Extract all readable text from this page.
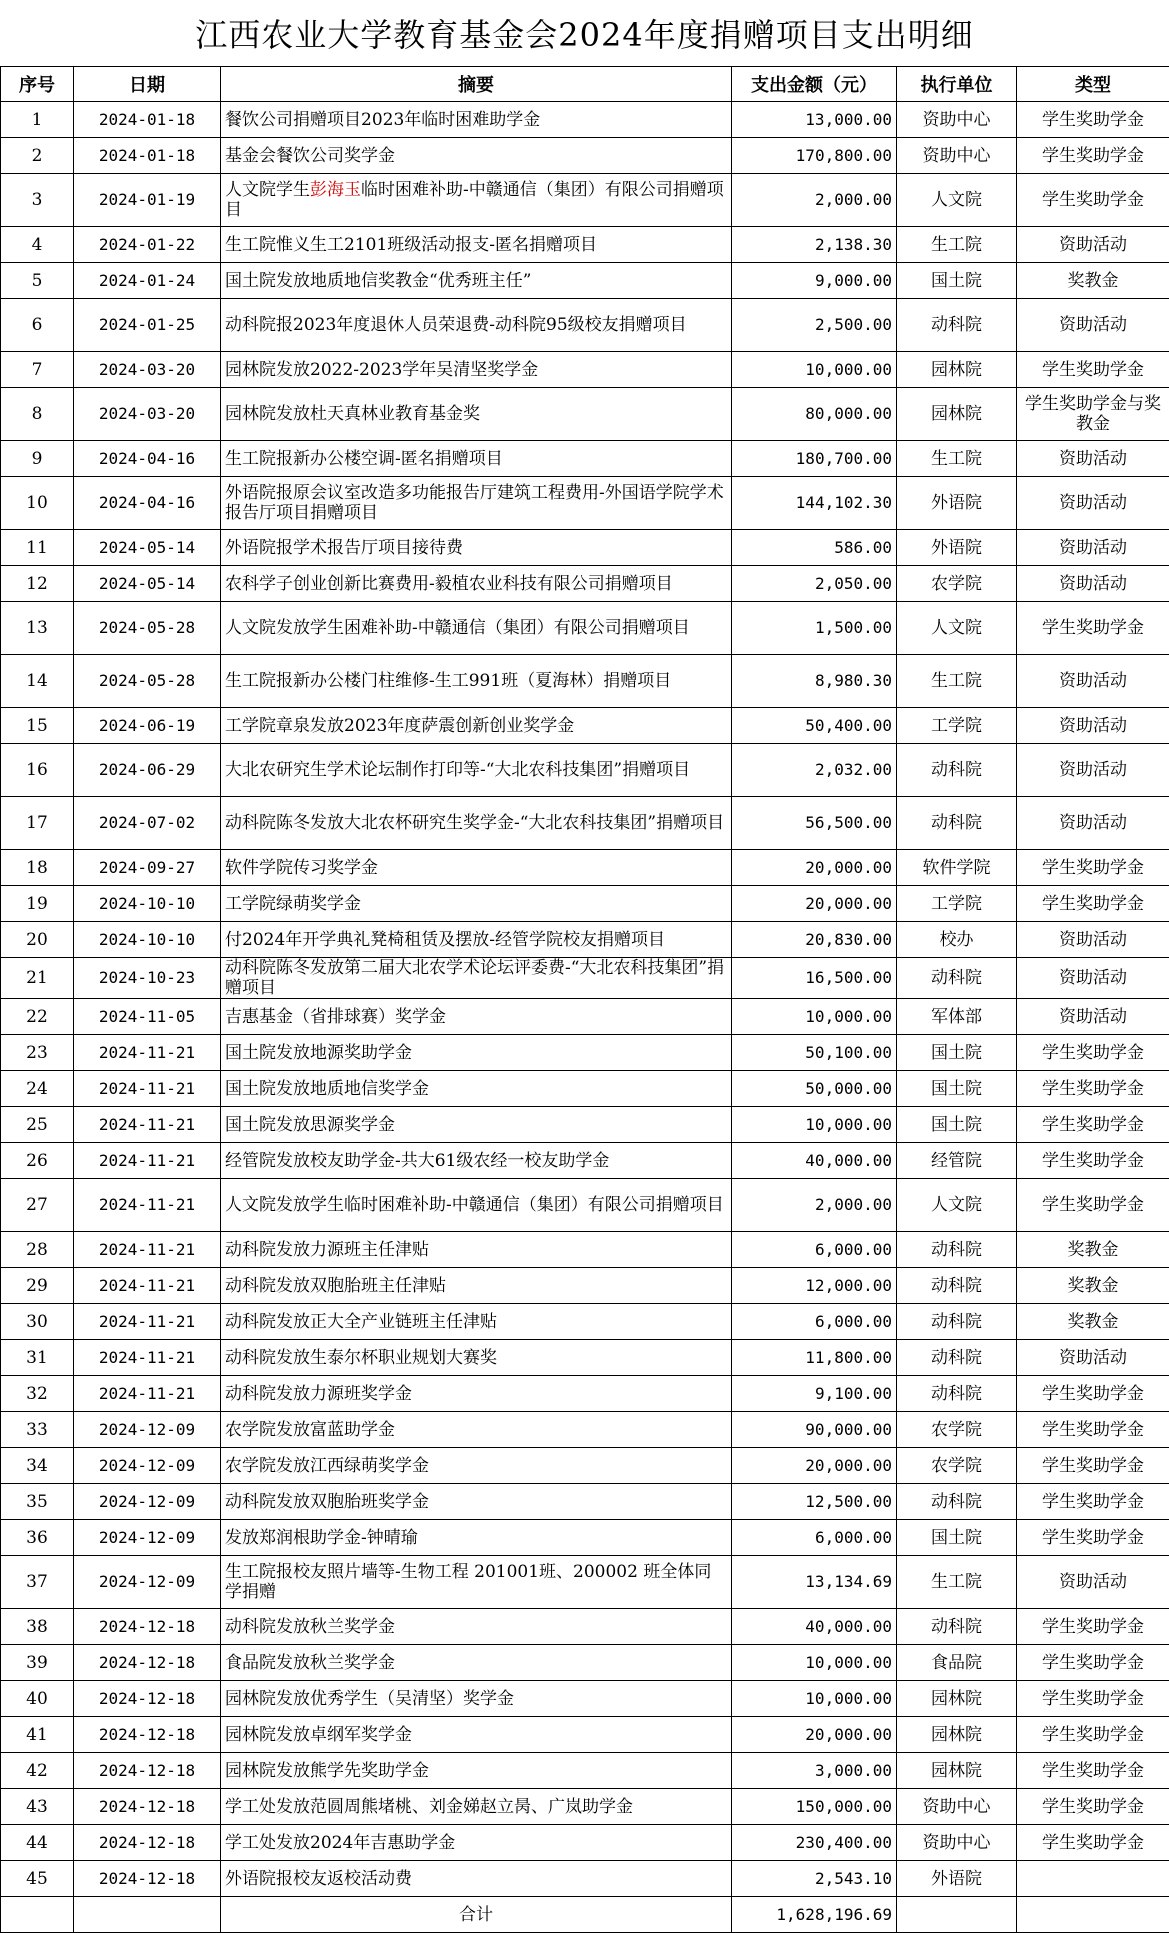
江西农业大学教育基金会2024年度捐赠项目支出明细
序号	日期	摘要	支出金额（元）	执行单位	类型
1	2024-01-18	餐饮公司捐赠项目2023年临时困难助学金	13,000.00	资助中心	学生奖助学金
2	2024-01-18	基金会餐饮公司奖学金	170,800.00	资助中心	学生奖助学金
3	2024-01-19	人文院学生彭海玉临时困难补助-中赣通信（集团）有限公司捐赠项目	2,000.00	人文院	学生奖助学金
4	2024-01-22	生工院惟义生工2101班级活动报支-匿名捐赠项目	2,138.30	生工院	资助活动
5	2024-01-24	国土院发放地质地信奖教金“优秀班主任”	9,000.00	国土院	奖教金
6	2024-01-25	动科院报2023年度退休人员荣退费-动科院95级校友捐赠项目	2,500.00	动科院	资助活动
7	2024-03-20	园林院发放2022-2023学年吴清坚奖学金	10,000.00	园林院	学生奖助学金
8	2024-03-20	园林院发放杜天真林业教育基金奖	80,000.00	园林院	学生奖助学金与奖教金
9	2024-04-16	生工院报新办公楼空调-匿名捐赠项目	180,700.00	生工院	资助活动
10	2024-04-16	外语院报原会议室改造多功能报告厅建筑工程费用-外国语学院学术报告厅项目捐赠项目	144,102.30	外语院	资助活动
11	2024-05-14	外语院报学术报告厅项目接待费	586.00	外语院	资助活动
12	2024-05-14	农科学子创业创新比赛费用-毅植农业科技有限公司捐赠项目	2,050.00	农学院	资助活动
13	2024-05-28	人文院发放学生困难补助-中赣通信（集团）有限公司捐赠项目	1,500.00	人文院	学生奖助学金
14	2024-05-28	生工院报新办公楼门柱维修-生工991班（夏海林）捐赠项目	8,980.30	生工院	资助活动
15	2024-06-19	工学院章泉发放2023年度萨震创新创业奖学金	50,400.00	工学院	资助活动
16	2024-06-29	大北农研究生学术论坛制作打印等-“大北农科技集团”捐赠项目	2,032.00	动科院	资助活动
17	2024-07-02	动科院陈冬发放大北农杯研究生奖学金-“大北农科技集团”捐赠项目	56,500.00	动科院	资助活动
18	2024-09-27	软件学院传习奖学金	20,000.00	软件学院	学生奖助学金
19	2024-10-10	工学院绿萌奖学金	20,000.00	工学院	学生奖助学金
20	2024-10-10	付2024年开学典礼凳椅租赁及摆放-经管学院校友捐赠项目	20,830.00	校办	资助活动
21	2024-10-23	动科院陈冬发放第二届大北农学术论坛评委费-“大北农科技集团”捐赠项目	16,500.00	动科院	资助活动
22	2024-11-05	吉惠基金（省排球赛）奖学金	10,000.00	军体部	资助活动
23	2024-11-21	国土院发放地源奖助学金	50,100.00	国土院	学生奖助学金
24	2024-11-21	国土院发放地质地信奖学金	50,000.00	国土院	学生奖助学金
25	2024-11-21	国土院发放思源奖学金	10,000.00	国土院	学生奖助学金
26	2024-11-21	经管院发放校友助学金-共大61级农经一校友助学金	40,000.00	经管院	学生奖助学金
27	2024-11-21	人文院发放学生临时困难补助-中赣通信（集团）有限公司捐赠项目	2,000.00	人文院	学生奖助学金
28	2024-11-21	动科院发放力源班主任津贴	6,000.00	动科院	奖教金
29	2024-11-21	动科院发放双胞胎班主任津贴	12,000.00	动科院	奖教金
30	2024-11-21	动科院发放正大全产业链班主任津贴	6,000.00	动科院	奖教金
31	2024-11-21	动科院发放生泰尔杯职业规划大赛奖	11,800.00	动科院	资助活动
32	2024-11-21	动科院发放力源班奖学金	9,100.00	动科院	学生奖助学金
33	2024-12-09	农学院发放富蓝助学金	90,000.00	农学院	学生奖助学金
34	2024-12-09	农学院发放江西绿萌奖学金	20,000.00	农学院	学生奖助学金
35	2024-12-09	动科院发放双胞胎班奖学金	12,500.00	动科院	学生奖助学金
36	2024-12-09	发放郑润根助学金-钟晴瑜	6,000.00	国土院	学生奖助学金
37	2024-12-09	生工院报校友照片墙等-生物工程 201001班、200002 班全体同学捐赠	13,134.69	生工院	资助活动
38	2024-12-18	动科院发放秋兰奖学金	40,000.00	动科院	学生奖助学金
39	2024-12-18	食品院发放秋兰奖学金	10,000.00	食品院	学生奖助学金
40	2024-12-18	园林院发放优秀学生（吴清坚）奖学金	10,000.00	园林院	学生奖助学金
41	2024-12-18	园林院发放卓纲军奖学金	20,000.00	园林院	学生奖助学金
42	2024-12-18	园林院发放熊学先奖助学金	3,000.00	园林院	学生奖助学金
43	2024-12-18	学工处发放范圆周熊堵桃、刘金娣赵立昺、广岚助学金	150,000.00	资助中心	学生奖助学金
44	2024-12-18	学工处发放2024年吉惠助学金	230,400.00	资助中心	学生奖助学金
45	2024-12-18	外语院报校友返校活动费	2,543.10	外语院	
		合计	1,628,196.69		
